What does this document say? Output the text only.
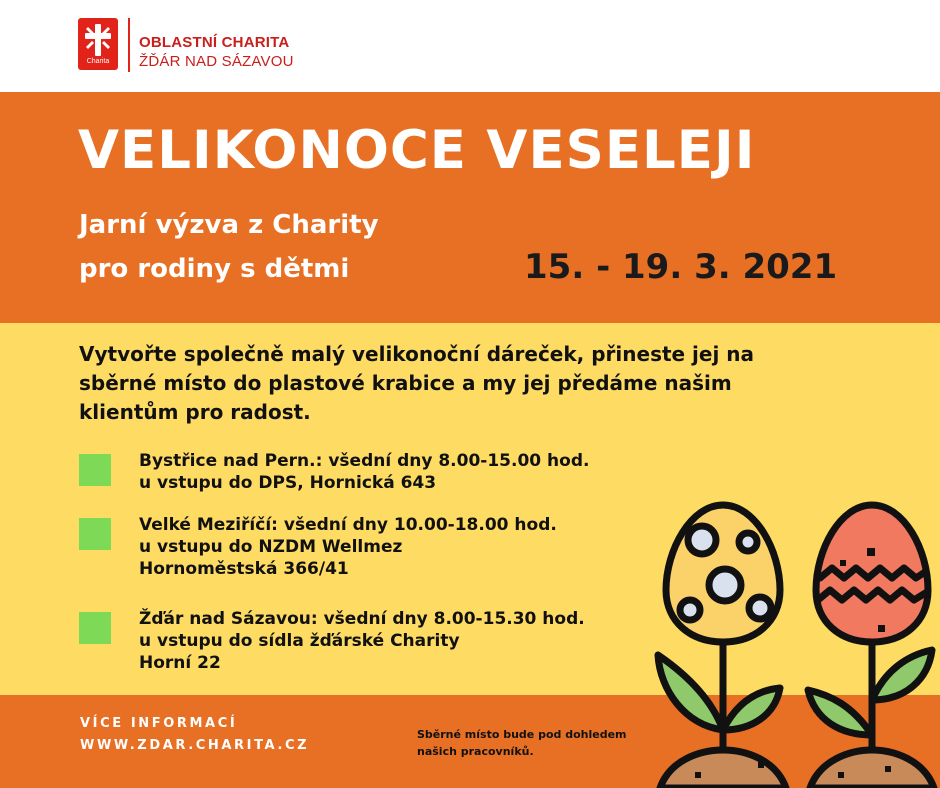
Charita
OBLASTNÍ CHARITA
ŽĎÁR NAD SÁZAVOU
VELIKONOCE VESELEJI
Jarní výzva z Charity
pro rodiny s dětmi	15. - 19. 3. 2021
Vytvořte společně malý velikonoční dáreček, přineste jej na sběrné místo do plastové krabice a my jej předáme našim klientům pro radost.
Bystřice nad Pern.: všední dny 8.00-15.00 hod.
u vstupu do DPS, Hornická 643
Velké Meziříčí: všední dny 10.00-18.00 hod.
u vstupu do NZDM Wellmez
Hornoměstská 366/41
Žďár nad Sázavou: všední dny 8.00-15.30 hod.
u vstupu do sídla žďárské Charity
Horní 22
VÍCE INFORMACÍ
WWW.ZDAR.CHARITA.CZ
Sběrné místo bude pod dohledem
našich pracovníků.
